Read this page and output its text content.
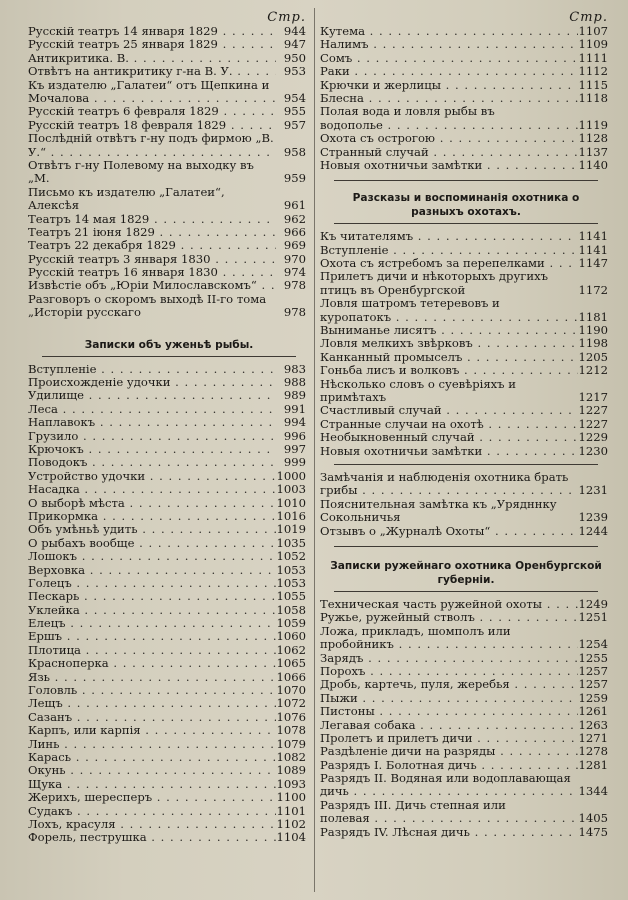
Стр.
Русскій театръ 14 января 1829 . . .	944
Русскій театръ 25 января 1829 . . .	947
Антикритика. В. . . .	950
Отвѣтъ на антикритику г-на В. У. . . .	953
Къ издателю „Галатеи“ отъ Щепкина и Мочалова . . .	954
Русскій театръ 6 февраля 1829 . . .	955
Русскій театръ 18 февраля 1829 . . .	957
Послѣдній отвѣтъ г-ну подъ фирмою „В. У.“ . . .	958
Отвѣтъ г-ну Полевому на выходку въ „М. . . .	959
Письмо къ издателю „Галатеи“, Алексѣя . . .	961
Театръ 14 мая 1829 . . .	962
Театръ 21 іюня 1829 . . .	966
Театръ 22 декабря 1829 . . .	969
Русскій театръ 3 января 1830 . . .	970
Русскій театръ 16 января 1830 . . .	974
Извѣстіе объ „Юріи Милославскомъ“ . . .	978
Разговоръ о скоромъ выходѣ II-го тома „Исторіи русскаго . . .	978
Записки объ уженьѣ рыбы.
Вступленіе . . .	983
Происхожденіе удочки . . .	988
Удилище . . .	989
Леса . . .	991
Наплавокъ . . .	994
Грузило . . .	996
Крючокъ . . .	997
Поводокъ . . .	999
Устройство удочки . . .	1000
Насадка . . .	1003
О выборѣ мѣста . . .	1010
Прикормка . . .	1016
Объ умѣньѣ удить . . .	1019
О рыбахъ вообще . . .	1035
Лошокъ . . .	1052
Верховка . . .	1053
Голецъ . . .	1053
Пескарь . . .	1055
Уклейка . . .	1058
Елецъ . . .	1059
Ершъ . . .	1060
Плотица . . .	1062
Красноперка . . .	1065
Язь . . .	1066
Головль . . .	1070
Лещъ . . .	1072
Сазанъ . . .	1076
Карпъ, или карпія . . .	1078
Линь . . .	1079
Карась . . .	1082
Окунь . . .	1089
Щука . . .	1093
Жерихъ, шересперъ . . .	1100
Судакъ . . .	1101
Лохъ, красуля . . .	1102
Форель, пеструшка . . .	1104
Стр.
Кутема . . .	1107
Налимъ . . .	1109
Сомъ . . .	1111
Раки . . .	1112
Крючки и жерлицы . . .	1115
Блесна . . .	1118
Полая вода и ловля рыбы въ водополье . . .	1119
Охота съ острогою . . .	1128
Странный случай . . .	1137
Новыя охотничьи замѣтки . . .	1140
Разсказы и воспоминанія охотника о разныхъ охотахъ.
Къ читателямъ . . .	1141
Вступленіе . . .	1141
Охота съ ястребомъ за перепелками . . .	1147
Прилетъ дичи и нѣкоторыхъ другихъ птицъ въ Оренбургской . . .	1172
Ловля шатромъ тетеревовъ и куропатокъ . . .	1181
Выниманье лисятъ . . .	1190
Ловля мелкихъ звѣрковъ . . .	1198
Канканный промыселъ . . .	1205
Гоньба лисъ и волковъ . . .	1212
Нѣсколько словъ о суевѣріяхъ и примѣтахъ . . .	1217
Счастливый случай . . .	1227
Странные случаи на охотѣ . . .	1227
Необыкновенный случай . . .	1229
Новыя охотничьи замѣтки . . .	1230
Замѣчанія и наблюденія охотника брать грибы . . .	1231
Пояснительная замѣтка къ „Урядннку Сокольничья . . .	1239
Отзывъ о „Журналѣ Охоты“ . . .	1244
Записки ружейнаго охотника Оренбургской губерніи.
Техническая часть ружейной охоты . . .	1249
Ружье, ружейный стволъ . . .	1251
Ложа, прикладъ, шомполъ или пробойникъ . . .	1254
Зарядъ . . .	1255
Порохъ . . .	1257
Дробь, картечь, пуля, жеребья . . .	1257
Пыжи . . .	1259
Пистоны . . .	1261
Легавая собака . . .	1263
Пролетъ и прилетъ дичи . . .	1271
Раздѣленіе дичи на разряды . . .	1278
Разрядъ I. Болотная дичь . . .	1281
Разрядъ II. Водяная или водоплавающая дичь . . .	1344
Разрядъ III. Дичь степная или полевая . . .	1405
Разрядъ IV. Лѣсная дичь . . .	1475
